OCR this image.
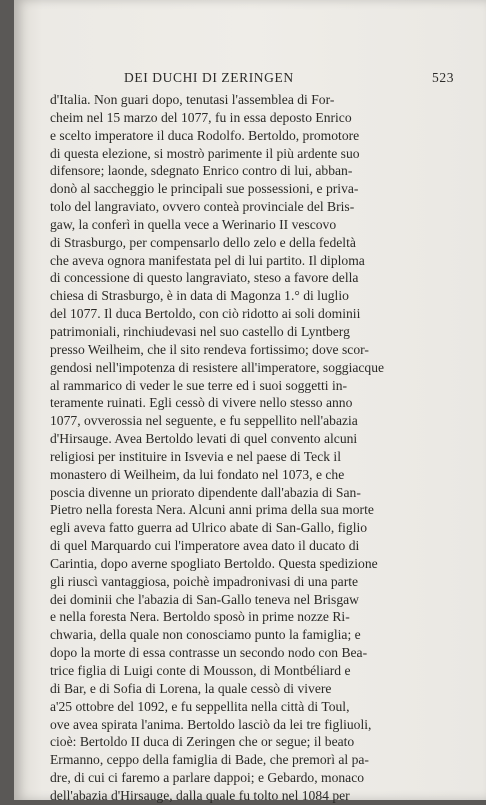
DEI DUCHI DI ZERINGEN	523
d'Italia. Non guari dopo, tenutasi l'assemblea di For-
cheim nel 15 marzo del 1077, fu in essa deposto Enrico
e scelto imperatore il duca Rodolfo. Bertoldo, promotore
di questa elezione, si mostrò parimente il più ardente suo
difensore; laonde, sdegnato Enrico contro di lui, abban-
donò al saccheggio le principali sue possessioni, e priva-
tolo del langraviato, ovvero conteà provinciale del Bris-
gaw, la conferì in quella vece a Werinario II vescovo
di Strasburgo, per compensarlo dello zelo e della fedeltà
che aveva ognora manifestata pel di lui partito. Il diploma
di concessione di questo langraviato, steso a favore della
chiesa di Strasburgo, è in data di Magonza 1.° di luglio
del 1077. Il duca Bertoldo, con ciò ridotto ai soli dominii
patrimoniali, rinchiudevasi nel suo castello di Lyntberg
presso Weilheim, che il sito rendeva fortissimo; dove scor-
gendosi nell'impotenza di resistere all'imperatore, soggiacque
al rammarico di veder le sue terre ed i suoi soggetti in-
teramente ruinati. Egli cessò di vivere nello stesso anno
1077, ovverossia nel seguente, e fu seppellito nell'abazia
d'Hirsauge. Avea Bertoldo levati di quel convento alcuni
religiosi per instituire in Isvevia e nel paese di Teck il
monastero di Weilheim, da lui fondato nel 1073, e che
poscia divenne un priorato dipendente dall'abazia di San-
Pietro nella foresta Nera. Alcuni anni prima della sua morte
egli aveva fatto guerra ad Ulrico abate di San-Gallo, figlio
di quel Marquardo cui l'imperatore avea dato il ducato di
Carintia, dopo averne spogliato Bertoldo. Questa spedizione
gli riuscì vantaggiosa, poichè impadronivasi di una parte
dei dominii che l'abazia di San-Gallo teneva nel Brisgaw
e nella foresta Nera. Bertoldo sposò in prime nozze Ri-
chwaria, della quale non conosciamo punto la famiglia; e
dopo la morte di essa contrasse un secondo nodo con Bea-
trice figlia di Luigi conte di Mousson, di Montbéliard e
di Bar, e di Sofia di Lorena, la quale cessò di vivere
a'25 ottobre del 1092, e fu seppellita nella città di Toul,
ove avea spirata l'anima. Bertoldo lasciò da lei tre figliuoli,
cioè: Bertoldo II duca di Zeringen che or segue; il beato
Ermanno, ceppo della famiglia di Bade, che premorì al pa-
dre, di cui ci faremo a parlare dappoi; e Gebardo, monaco
dell'abazia d'Hirsauge, dalla quale fu tolto nel 1084 per
